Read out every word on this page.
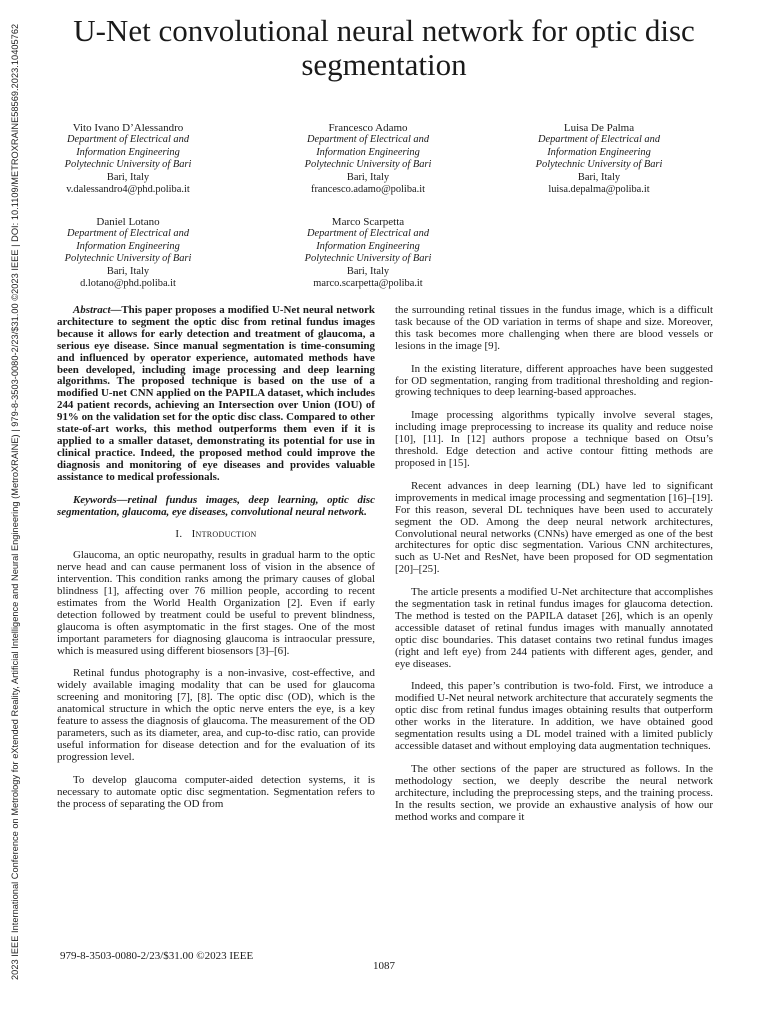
2023 IEEE International Conference on Metrology for eXtended Reality, Artificial Intelligence and Neural Engineering (MetroXRAINE) | 979-8-3503-0080-2/23/$31.00 ©2023 IEEE | DOI: 10.1109/METROXRAINE58569.2023.10405762	U-Net convolutional neural network for optic disc segmentation
Vito Ivano D’Alessandro
Department of Electrical and
Information Engineering
Polytechnic University of Bari
Bari, Italy
v.dalessandro4@phd.poliba.it
Francesco Adamo
Department of Electrical and
Information Engineering
Polytechnic University of Bari
Bari, Italy
francesco.adamo@poliba.it
Luisa De Palma
Department of Electrical and
Information Engineering
Polytechnic University of Bari
Bari, Italy
luisa.depalma@poliba.it
Daniel Lotano
Department of Electrical and
Information Engineering
Polytechnic University of Bari
Bari, Italy
d.lotano@phd.poliba.it
Marco Scarpetta
Department of Electrical and
Information Engineering
Polytechnic University of Bari
Bari, Italy
marco.scarpetta@poliba.it

Abstract—This paper proposes a modified U-Net neural network architecture to segment the optic disc from retinal fundus images because it allows for early detection and treatment of glaucoma, a serious eye disease. Since manual segmentation is time-consuming and influenced by operator experience, automated methods have been developed, including image processing and deep learning algorithms. The proposed technique is based on the use of a modified U-net CNN applied on the PAPILA dataset, which includes 244 patient records, achieving an Intersection over Union (IOU) of 91% on the validation set for the optic disc class. Compared to other state-of-art works, this method outperforms them even if it is applied to a smaller dataset, demonstrating its potential for use in clinical practice. Indeed, the proposed method could improve the diagnosis and monitoring of eye diseases and provides valuable assistance to medical professionals.

Keywords—retinal fundus images, deep learning, optic disc segmentation, glaucoma, eye diseases, convolutional neural network.

I. Introduction

Glaucoma, an optic neuropathy, results in gradual harm to the optic nerve head and can cause permanent loss of vision in the absence of intervention. This condition ranks among the primary causes of global blindness [1], affecting over 76 million people, according to recent estimates from the World Health Organization [2]. Even if early detection followed by treatment could be useful to prevent blindness, glaucoma is often asymptomatic in the first stages. One of the most important parameters for diagnosing glaucoma is intraocular pressure, which is measured using different biosensors [3]–[6].

Retinal fundus photography is a non-invasive, cost-effective, and widely available imaging modality that can be used for glaucoma screening and monitoring [7], [8]. The optic disc (OD), which is the anatomical structure in which the optic nerve enters the eye, is a key feature to assess the diagnosis of glaucoma. The measurement of the OD parameters, such as its diameter, area, and cup-to-disc ratio, can provide useful information for disease detection and for the evaluation of its progression level.

To develop glaucoma computer-aided detection systems, it is necessary to automate optic disc segmentation. Segmentation refers to the process of separating the OD from

the surrounding retinal tissues in the fundus image, which is a difficult task because of the OD variation in terms of shape and size. Moreover, this task becomes more challenging when there are blood vessels or lesions in the image [9].

In the existing literature, different approaches have been suggested for OD segmentation, ranging from traditional thresholding and region-growing techniques to deep learning-based approaches.

Image processing algorithms typically involve several stages, including image preprocessing to increase its quality and reduce noise [10], [11]. In [12] authors propose a technique based on Otsu’s threshold. Edge detection and active contour fitting methods are proposed in [15].

Recent advances in deep learning (DL) have led to significant improvements in medical image processing and segmentation [16]–[19]. For this reason, several DL techniques have been used to accurately segment the OD. Among the deep neural network architectures, Convolutional neural networks (CNNs) have emerged as one of the best architectures for optic disc segmentation. Various CNN architectures, such as U-Net and ResNet, have been proposed for OD segmentation [20]–[25].

The article presents a modified U-Net architecture that accomplishes the segmentation task in retinal fundus images for glaucoma detection. The method is tested on the PAPILA dataset [26], which is an openly accessible dataset of retinal fundus images with manually annotated optic disc boundaries. This dataset contains two retinal fundus images (right and left eye) from 244 patients with different ages, gender, and eye diseases.

Indeed, this paper’s contribution is two-fold. First, we introduce a modified U-Net neural network architecture that accurately segments the optic disc from retinal fundus images obtaining results that outperform other works in the literature. In addition, we have obtained good segmentation results using a DL model trained with a limited publicly accessible dataset and without employing data augmentation techniques.

The other sections of the paper are structured as follows. In the methodology section, we deeply describe the neural network architecture, including the preprocessing steps, and the training process. In the results section, we provide an exhaustive analysis of how our method works and compare it

979-8-3503-0080-2/23/$31.00 ©2023 IEEE
1087
